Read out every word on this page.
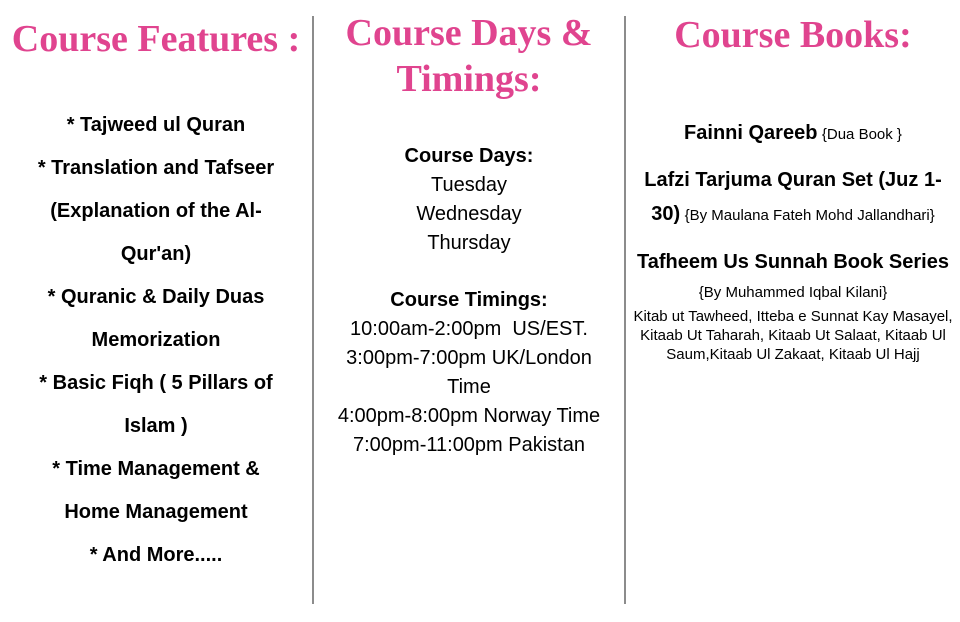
Course Features :
* Tajweed ul Quran
* Translation and Tafseer
(Explanation of the Al-
Qur'an)
* Quranic & Daily Duas
Memorization
* Basic Fiqh ( 5 Pillars of
Islam )
* Time Management &
Home Management
* And More.....
Course Days &
Timings:
Course Days:
Tuesday
Wednesday
Thursday
Course Timings:
10:00am-2:00pm  US/EST.
3:00pm-7:00pm UK/London
Time
4:00pm-8:00pm Norway Time
7:00pm-11:00pm Pakistan
Course Books:
Fainni Qareeb {Dua Book }
Lafzi Tarjuma Quran Set (Juz 1-30) {By Maulana Fateh Mohd Jallandhari}
Tafheem Us Sunnah Book Series {By Muhammed Iqbal Kilani}
Kitab ut Tawheed, Itteba e Sunnat Kay Masayel, Kitaab Ut Taharah, Kitaab Ut Salaat, Kitaab Ul Saum,Kitaab Ul Zakaat, Kitaab Ul Hajj
